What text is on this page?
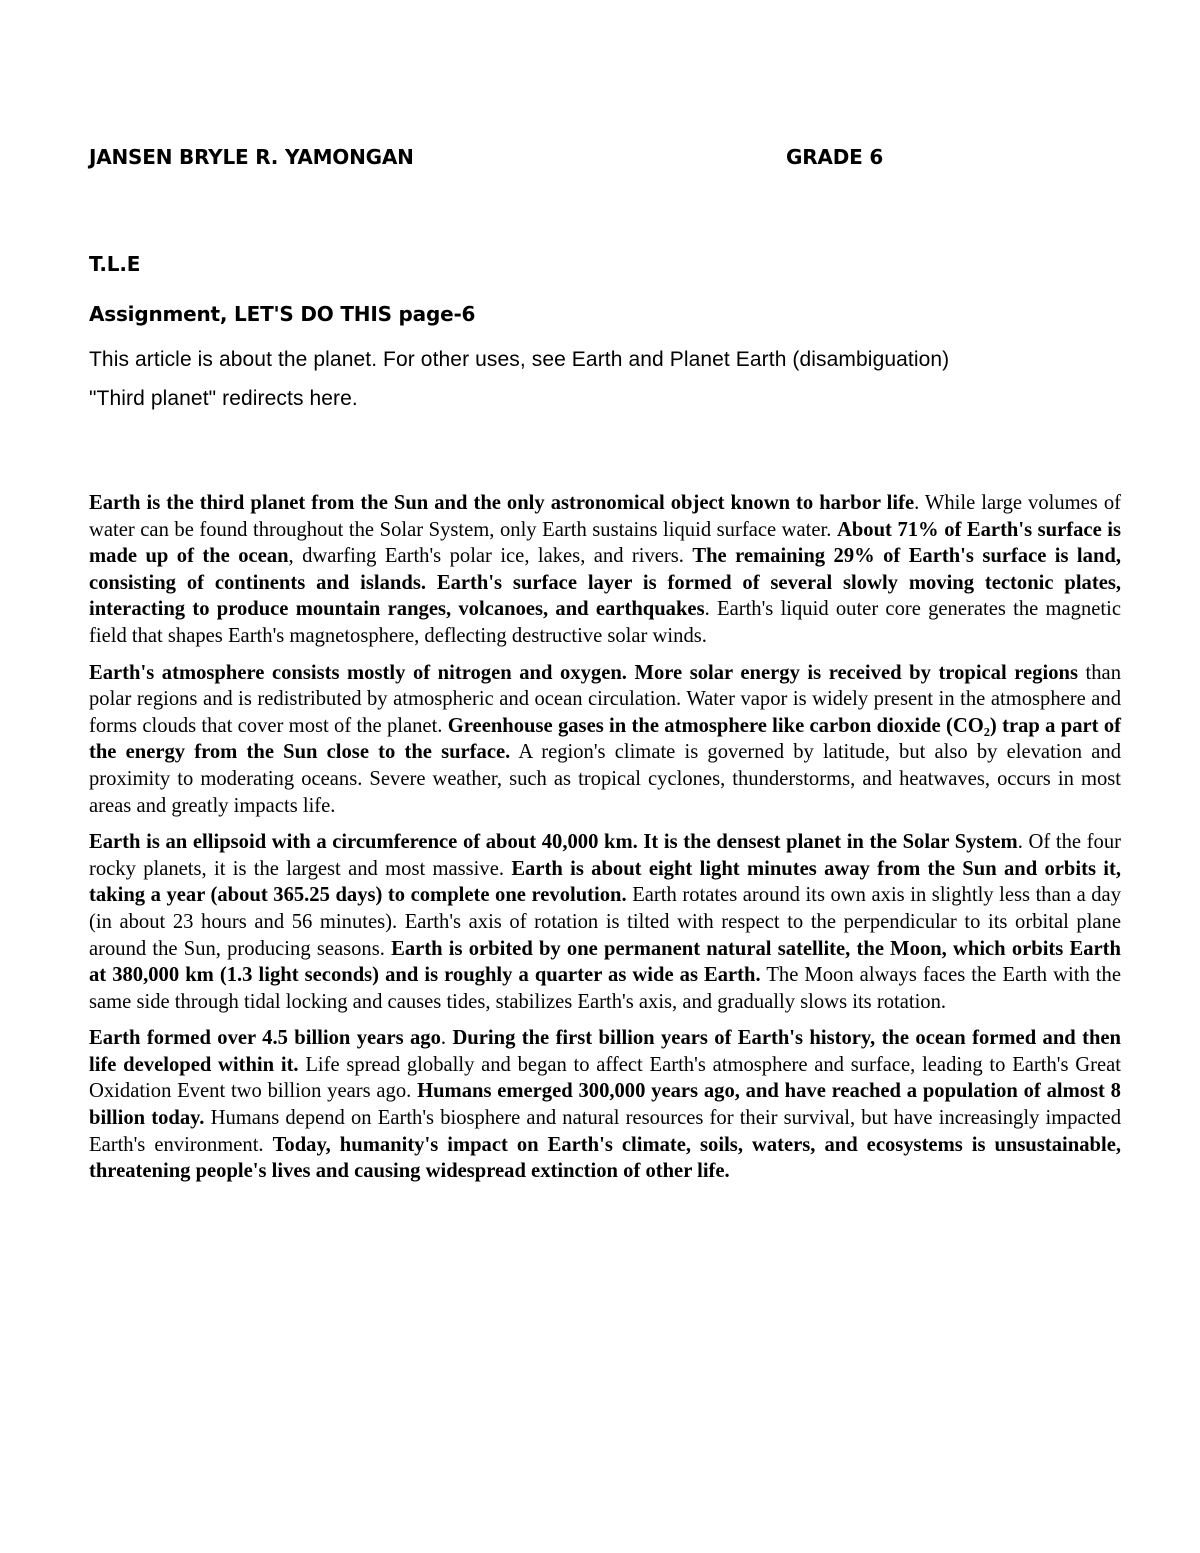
JANSEN BRYLE R. YAMONGAN	GRADE 6
T.L.E
Assignment, LET'S DO THIS page-6
This article is about the planet. For other uses, see Earth and Planet Earth (disambiguation)
"Third planet" redirects here.

Earth is the third planet from the Sun and the only astronomical object known to harbor life. While large volumes of water can be found throughout the Solar System, only Earth sustains liquid surface water. About 71% of Earth's surface is made up of the ocean, dwarfing Earth's polar ice, lakes, and rivers. The remaining 29% of Earth's surface is land, consisting of continents and islands. Earth's surface layer is formed of several slowly moving tectonic plates, interacting to produce mountain ranges, volcanoes, and earthquakes. Earth's liquid outer core generates the magnetic field that shapes Earth's magnetosphere, deflecting destructive solar winds.

Earth's atmosphere consists mostly of nitrogen and oxygen. More solar energy is received by tropical regions than polar regions and is redistributed by atmospheric and ocean circulation. Water vapor is widely present in the atmosphere and forms clouds that cover most of the planet. Greenhouse gases in the atmosphere like carbon dioxide (CO₂) trap a part of the energy from the Sun close to the surface. A region's climate is governed by latitude, but also by elevation and proximity to moderating oceans. Severe weather, such as tropical cyclones, thunderstorms, and heatwaves, occurs in most areas and greatly impacts life.

Earth is an ellipsoid with a circumference of about 40,000 km. It is the densest planet in the Solar System. Of the four rocky planets, it is the largest and most massive. Earth is about eight light minutes away from the Sun and orbits it, taking a year (about 365.25 days) to complete one revolution. Earth rotates around its own axis in slightly less than a day (in about 23 hours and 56 minutes). Earth's axis of rotation is tilted with respect to the perpendicular to its orbital plane around the Sun, producing seasons. Earth is orbited by one permanent natural satellite, the Moon, which orbits Earth at 380,000 km (1.3 light seconds) and is roughly a quarter as wide as Earth. The Moon always faces the Earth with the same side through tidal locking and causes tides, stabilizes Earth's axis, and gradually slows its rotation.

Earth formed over 4.5 billion years ago. During the first billion years of Earth's history, the ocean formed and then life developed within it. Life spread globally and began to affect Earth's atmosphere and surface, leading to Earth's Great Oxidation Event two billion years ago. Humans emerged 300,000 years ago, and have reached a population of almost 8 billion today. Humans depend on Earth's biosphere and natural resources for their survival, but have increasingly impacted Earth's environment. Today, humanity's impact on Earth's climate, soils, waters, and ecosystems is unsustainable, threatening people's lives and causing widespread extinction of other life.
